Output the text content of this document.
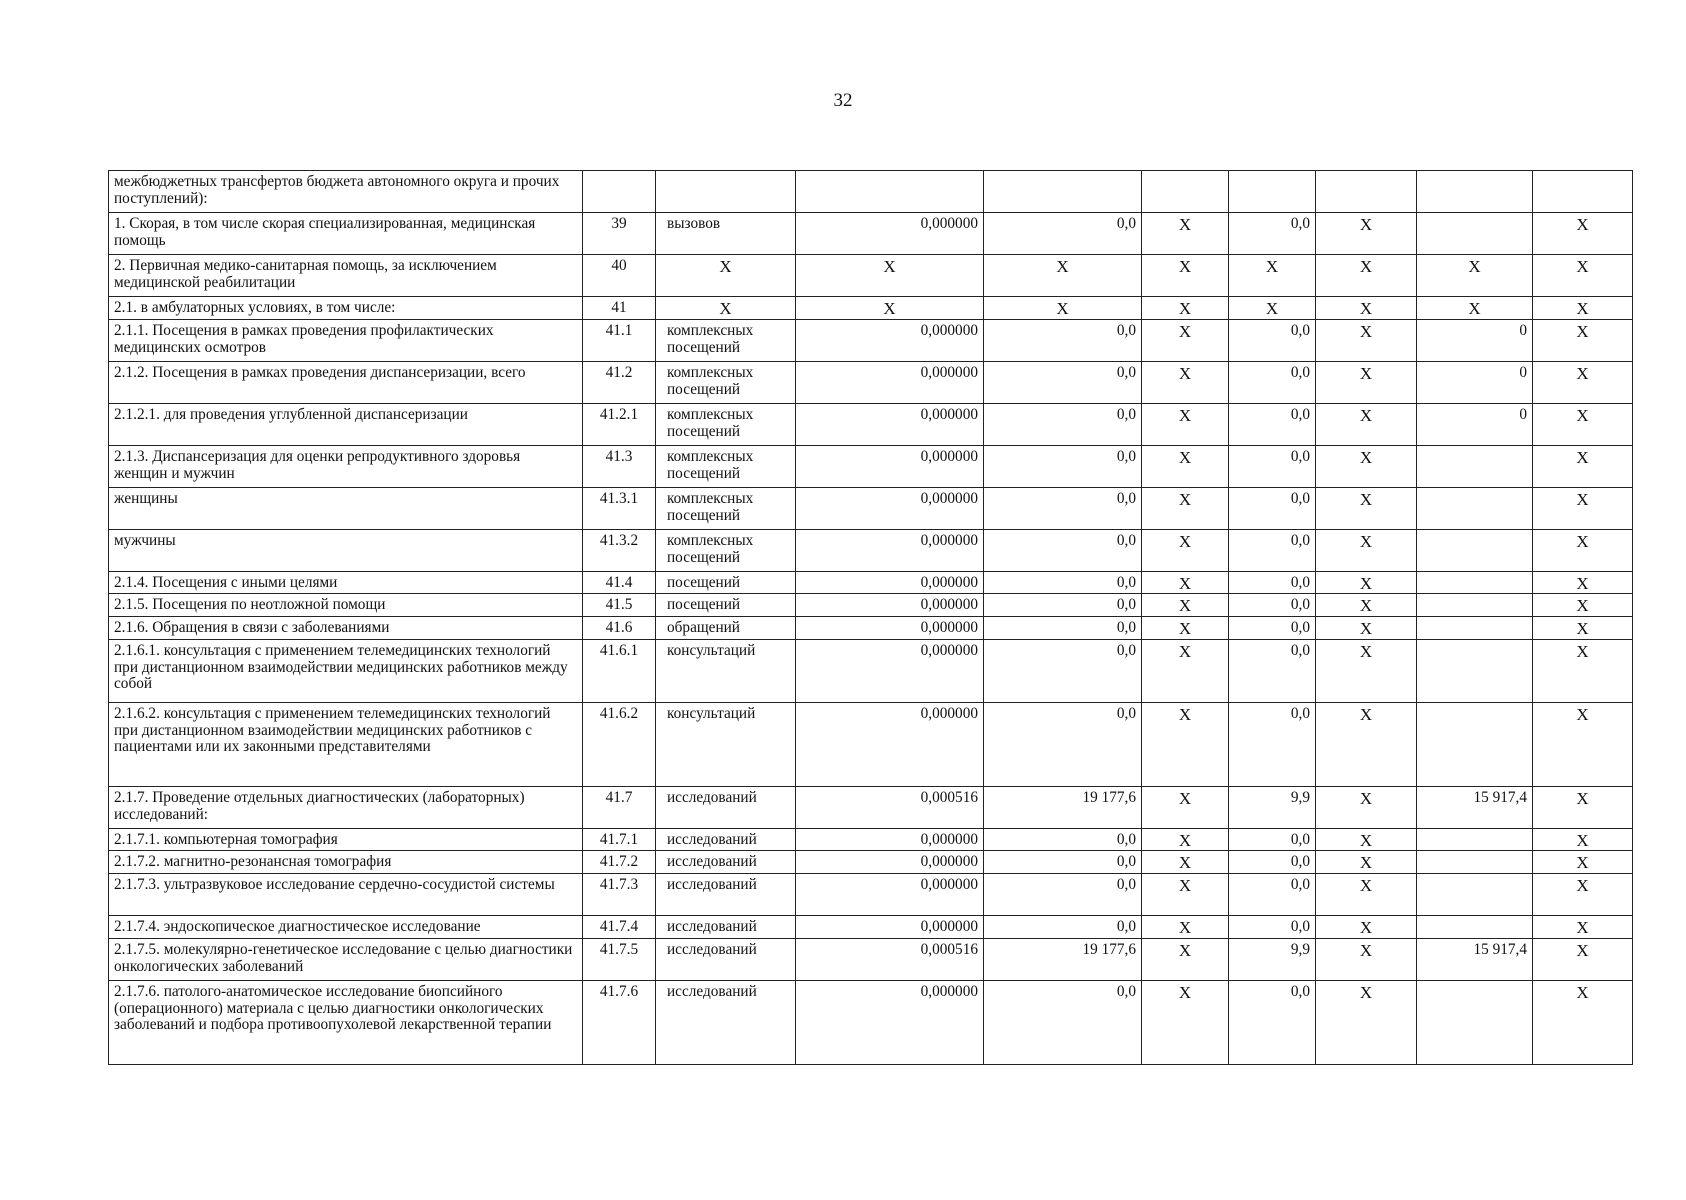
32
межбюджетных трансфертов бюджета автономного округа и прочих поступлений):									
1. Скорая, в том числе скорая специализированная, медицинская помощь	39	вызовов	0,000000	0,0	X	0,0	X		X
2. Первичная медико-санитарная помощь, за исключением медицинской реабилитации	40	X	X	X	X	X	X	X	X
2.1. в амбулаторных условиях, в том числе:	41	X	X	X	X	X	X	X	X
2.1.1. Посещения в рамках проведения профилактических медицинских осмотров	41.1	комплексных посещений	0,000000	0,0	X	0,0	X	0	X
2.1.2. Посещения в рамках проведения диспансеризации, всего	41.2	комплексных посещений	0,000000	0,0	X	0,0	X	0	X
2.1.2.1. для проведения углубленной диспансеризации	41.2.1	комплексных посещений	0,000000	0,0	X	0,0	X	0	X
2.1.3. Диспансеризация для оценки репродуктивного здоровья женщин и мужчин	41.3	комплексных посещений	0,000000	0,0	X	0,0	X		X
женщины	41.3.1	комплексных посещений	0,000000	0,0	X	0,0	X		X
мужчины	41.3.2	комплексных посещений	0,000000	0,0	X	0,0	X		X
2.1.4. Посещения с иными целями	41.4	посещений	0,000000	0,0	X	0,0	X		X
2.1.5. Посещения по неотложной помощи	41.5	посещений	0,000000	0,0	X	0,0	X		X
2.1.6. Обращения в связи с заболеваниями	41.6	обращений	0,000000	0,0	X	0,0	X		X
2.1.6.1. консультация с применением телемедицинских технологий при дистанционном взаимодействии медицинских работников между собой	41.6.1	консультаций	0,000000	0,0	X	0,0	X		X
2.1.6.2. консультация с применением телемедицинских технологий при дистанционном взаимодействии медицинских работников с пациентами или их законными представителями	41.6.2	консультаций	0,000000	0,0	X	0,0	X		X
2.1.7. Проведение отдельных диагностических (лабораторных) исследований:	41.7	исследований	0,000516	19 177,6	X	9,9	X	15 917,4	X
2.1.7.1. компьютерная томография	41.7.1	исследований	0,000000	0,0	X	0,0	X		X
2.1.7.2. магнитно-резонансная томография	41.7.2	исследований	0,000000	0,0	X	0,0	X		X
2.1.7.3. ультразвуковое исследование сердечно-сосудистой системы	41.7.3	исследований	0,000000	0,0	X	0,0	X		X
2.1.7.4. эндоскопическое диагностическое исследование	41.7.4	исследований	0,000000	0,0	X	0,0	X		X
2.1.7.5. молекулярно-генетическое исследование с целью диагностики онкологических заболеваний	41.7.5	исследований	0,000516	19 177,6	X	9,9	X	15 917,4	X
2.1.7.6. патолого-анатомическое исследование биопсийного (операционного) материала с целью диагностики онкологических заболеваний и подбора противоопухолевой лекарственной терапии	41.7.6	исследований	0,000000	0,0	X	0,0	X		X
